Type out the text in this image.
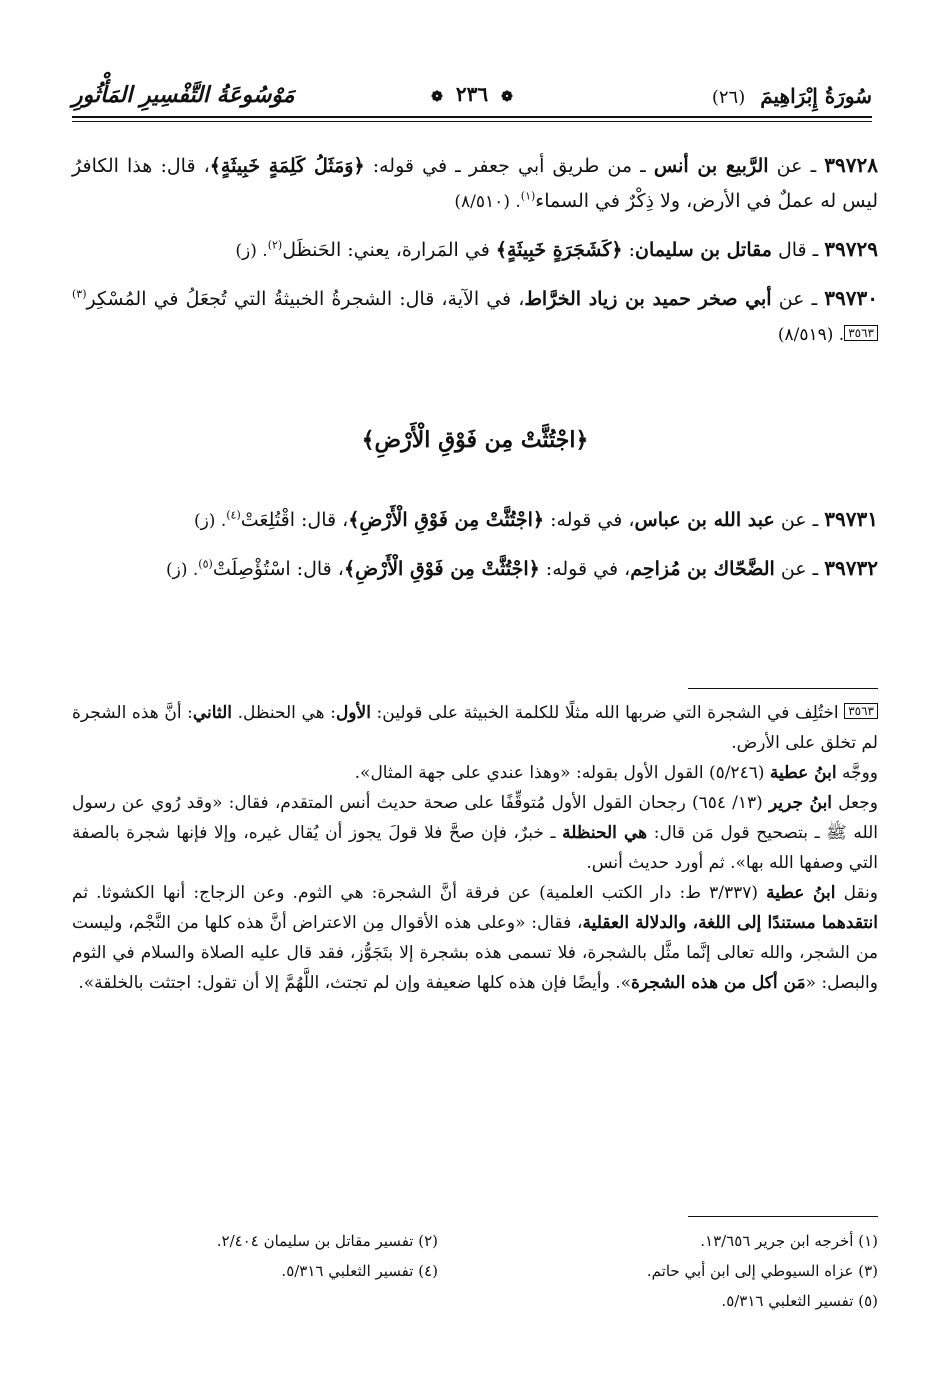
سُورَةُ إِبْرَاهِيمَ (٢٦)
❁ ٢٣٦ ❁
مَوْسُوعَةُ التَّفْسِيرِ المَأْثُورِ
٣٩٧٢٨ ـ عن الرَّبيع بن أنس ـ من طريق أبي جعفر ـ في قوله: ﴿وَمَثَلُ كَلِمَةٍ خَبِيثَةٍ﴾، قال: هذا الكافرُ ليس له عملٌ في الأرض، ولا ذِكْرٌ في السماء$^{(١)}$. (٨/٥١٠)
٣٩٧٢٩ ـ قال مقاتل بن سليمان: ﴿كَشَجَرَةٍ خَبِيثَةٍ﴾ في المَرارة، يعني: الحَنظَل$^{(٢)}$. (ز)
٣٩٧٣٠ ـ عن أبي صخر حميد بن زياد الخرَّاط، في الآية، قال: الشجرةُ الخبيثةُ التي تُجعَلُ في المُسْكِر$^{(٣)}$٣٥٦٣. (٨/٥١٩)
﴿اجْتُثَّتْ مِن فَوْقِ الْأَرْضِ﴾
٣٩٧٣١ ـ عن عبد الله بن عباس، في قوله: ﴿اجْتُثَّتْ مِن فَوْقِ الْأَرْضِ﴾، قال: اقْتُلِعَتْ$^{(٤)}$. (ز)
٣٩٧٣٢ ـ عن الضَّحّاك بن مُزاحِم، في قوله: ﴿اجْتُثَّتْ مِن فَوْقِ الْأَرْضِ﴾، قال: اسْتُؤْصِلَتْ$^{(٥)}$. (ز)

٣٥٦٣ اختُلِف في الشجرة التي ضربها الله مثلًا للكلمة الخبيثة على قولين: الأول: هي الحنظل. الثاني: أنَّ هذه الشجرة لم تخلق على الأرض.

ووجَّه ابنُ عطية (٥/٢٤٦) القول الأول بقوله: «وهذا عندي على جهة المثال».

وجعل ابنُ جرير (١٣/ ٦٥٤) رجحان القول الأول مُتوقِّفًا على صحة حديث أنس المتقدم، فقال: «وقد رُوي عن رسول الله ﷺ ـ بتصحيح قول مَن قال: هي الحنظلة ـ خبرٌ، فإن صحَّ فلا قولَ يجوز أن يُقال غيره، وإلا فإنها شجرة بالصفة التي وصفها الله بها». ثم أورد حديث أنس.

ونقل ابنُ عطية (٣/٣٣٧ ط: دار الكتب العلمية) عن فرقة أنَّ الشجرة: هي الثوم. وعن الزجاج: أنها الكشوثا. ثم انتقدهما مستندًا إلى اللغة، والدلالة العقلية، فقال: «وعلى هذه الأقوال مِن الاعتراض أنَّ هذه كلها من النَّجْم، وليست من الشجر، والله تعالى إنَّما مثَّل بالشجرة، فلا تسمى هذه بشجرة إلا بتَجَوُّز، فقد قال عليه الصلاة والسلام في الثوم والبصل: «مَن أكل من هذه الشجرة». وأيضًا فإن هذه كلها ضعيفة وإن لم تجتث، اللَّهُمَّ إلا أن تقول: اجتثت بالخلقة».

(١) أخرجه ابن جرير ١٣/٦٥٦.
(٢) تفسير مقاتل بن سليمان ٢/٤٠٤.
(٣) عزاه السيوطي إلى ابن أبي حاتم.
(٤) تفسير الثعلبي ٥/٣١٦.
(٥) تفسير الثعلبي ٥/٣١٦.
